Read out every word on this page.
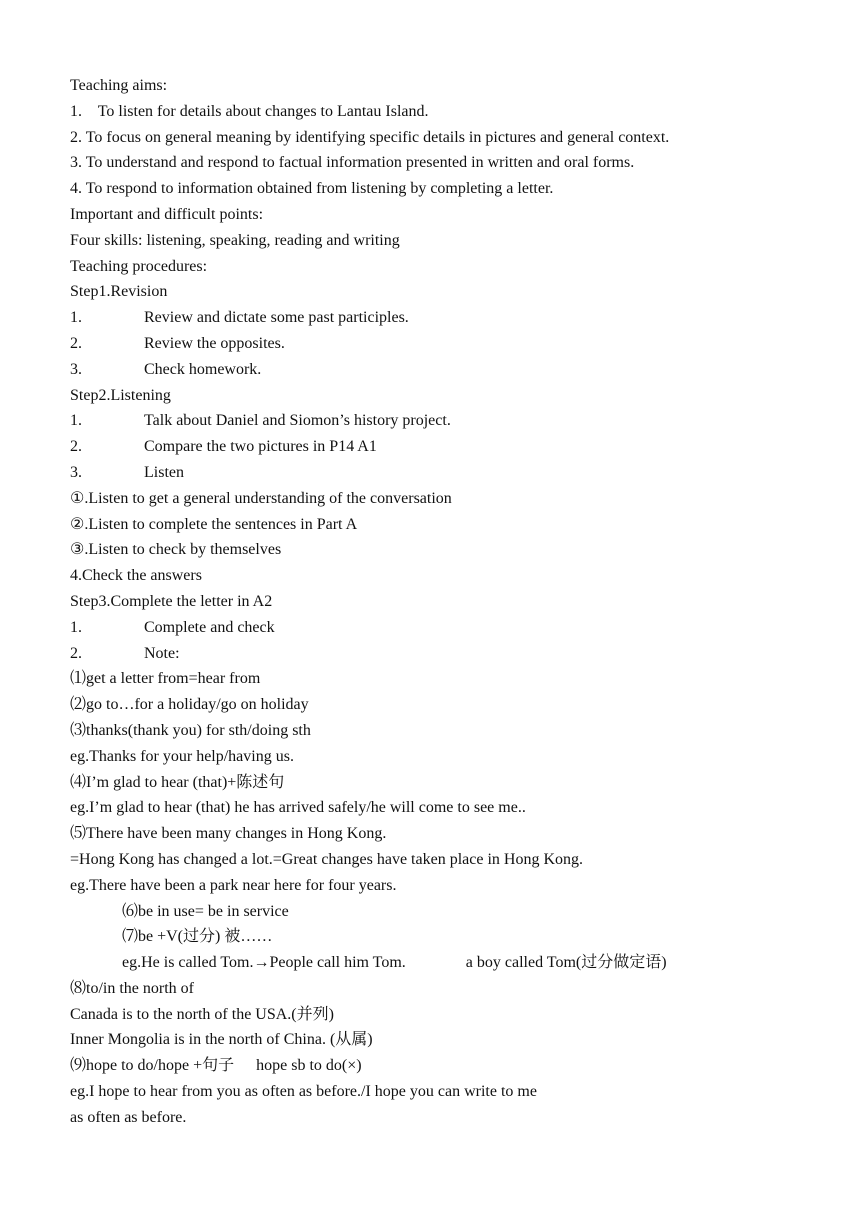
Teaching aims:
1. To listen for details about changes to Lantau Island.
2. To focus on general meaning by identifying specific details in pictures and general context.
3. To understand and respond to factual information presented in written and oral forms.
4. To respond to information obtained from listening by completing a letter.
Important and difficult points:
Four skills: listening, speaking, reading and writing
Teaching procedures:
Step1.Revision
1.	Review and dictate some past participles.
2.	Review the opposites.
3.	Check homework.
Step2.Listening
1.	Talk about Daniel and Siomon’s history project.
2.	Compare the two pictures in P14 A1
3.	Listen
①.Listen to get a general understanding of the conversation
②.Listen to complete the sentences in Part A
③.Listen to check by themselves
4.Check the answers
Step3.Complete the letter in A2
1.	Complete and check
2.	Note:
⑴get a letter from=hear from
⑵go to…for a holiday/go on holiday
⑶thanks(thank you) for sth/doing sth
eg.Thanks for your help/having us.
⑷I’m glad to hear (that)+陈述句
eg.I’m glad to hear (that) he has arrived safely/he will come to see me..
⑸There have been many changes in Hong Kong.
=Hong Kong has changed a lot.=Great changes have taken place in Hong Kong.
eg.There have been a park near here for four years.
⑹be in use= be in service
⑺be +V(过分) 被……
eg.He is called Tom.→People call him Tom.	a boy called Tom(过分做定语)
⑻to/in the north of
Canada is to the north of the USA.(并列)
Inner Mongolia is in the north of China. (从属)
⑼hope to do/hope +句子 hope sb to do(×)
eg.I hope to hear from you as often as before./I hope you can write to me
as often as before.
